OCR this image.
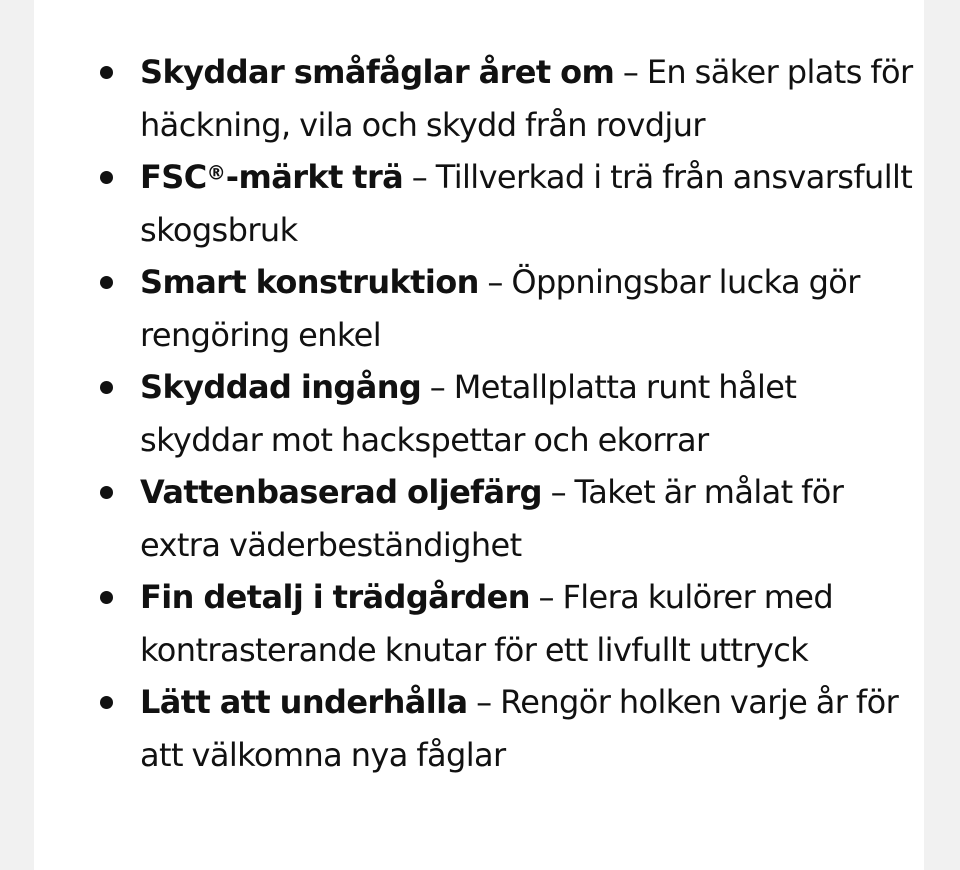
Skyddar småfåglar året om – En säker plats för häckning, vila och skydd från rovdjur
FSC®-märkt trä – Tillverkad i trä från ansvarsfullt skogsbruk
Smart konstruktion – Öppningsbar lucka gör rengöring enkel
Skyddad ingång – Metallplatta runt hålet skyddar mot hackspettar och ekorrar
Vattenbaserad oljefärg – Taket är målat för extra väderbeständighet
Fin detalj i trädgården – Flera kulörer med kontrasterande knutar för ett livfullt uttryck
Lätt att underhålla – Rengör holken varje år för att välkomna nya fåglar
